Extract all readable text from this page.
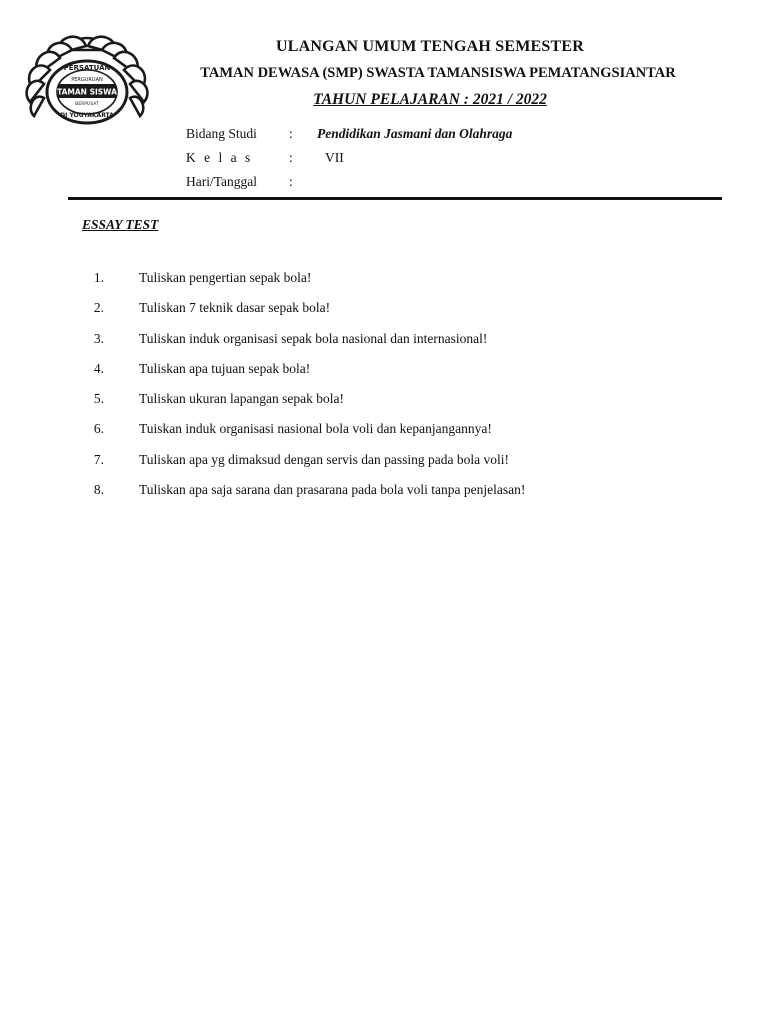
PERSATUAN
PERGURUAN
TAMAN SISWA
BERPUSAT
DI YOGYAKARTA
ULANGAN UMUM TENGAH SEMESTER
TAMAN DEWASA (SMP) SWASTA TAMANSISWA PEMATANGSIANTAR
TAHUN PELAJARAN : 2021 / 2022
Bidang Studi : Pendidikan Jasmani dan Olahraga
K e l a s	: VII
Hari/Tanggal :
ESSAY TEST
1.	Tuliskan pengertian sepak bola!
2.	Tuliskan 7 teknik dasar sepak bola!
3.	Tuliskan induk organisasi sepak bola nasional dan internasional!
4.	Tuliskan apa tujuan sepak bola!
5.	Tuliskan ukuran lapangan sepak bola!
6.	Tuiskan induk organisasi nasional bola voli dan kepanjangannya!
7.	Tuliskan apa yg dimaksud dengan servis dan passing pada bola voli!
8.	Tuliskan apa saja sarana dan prasarana pada bola voli tanpa penjelasan!
